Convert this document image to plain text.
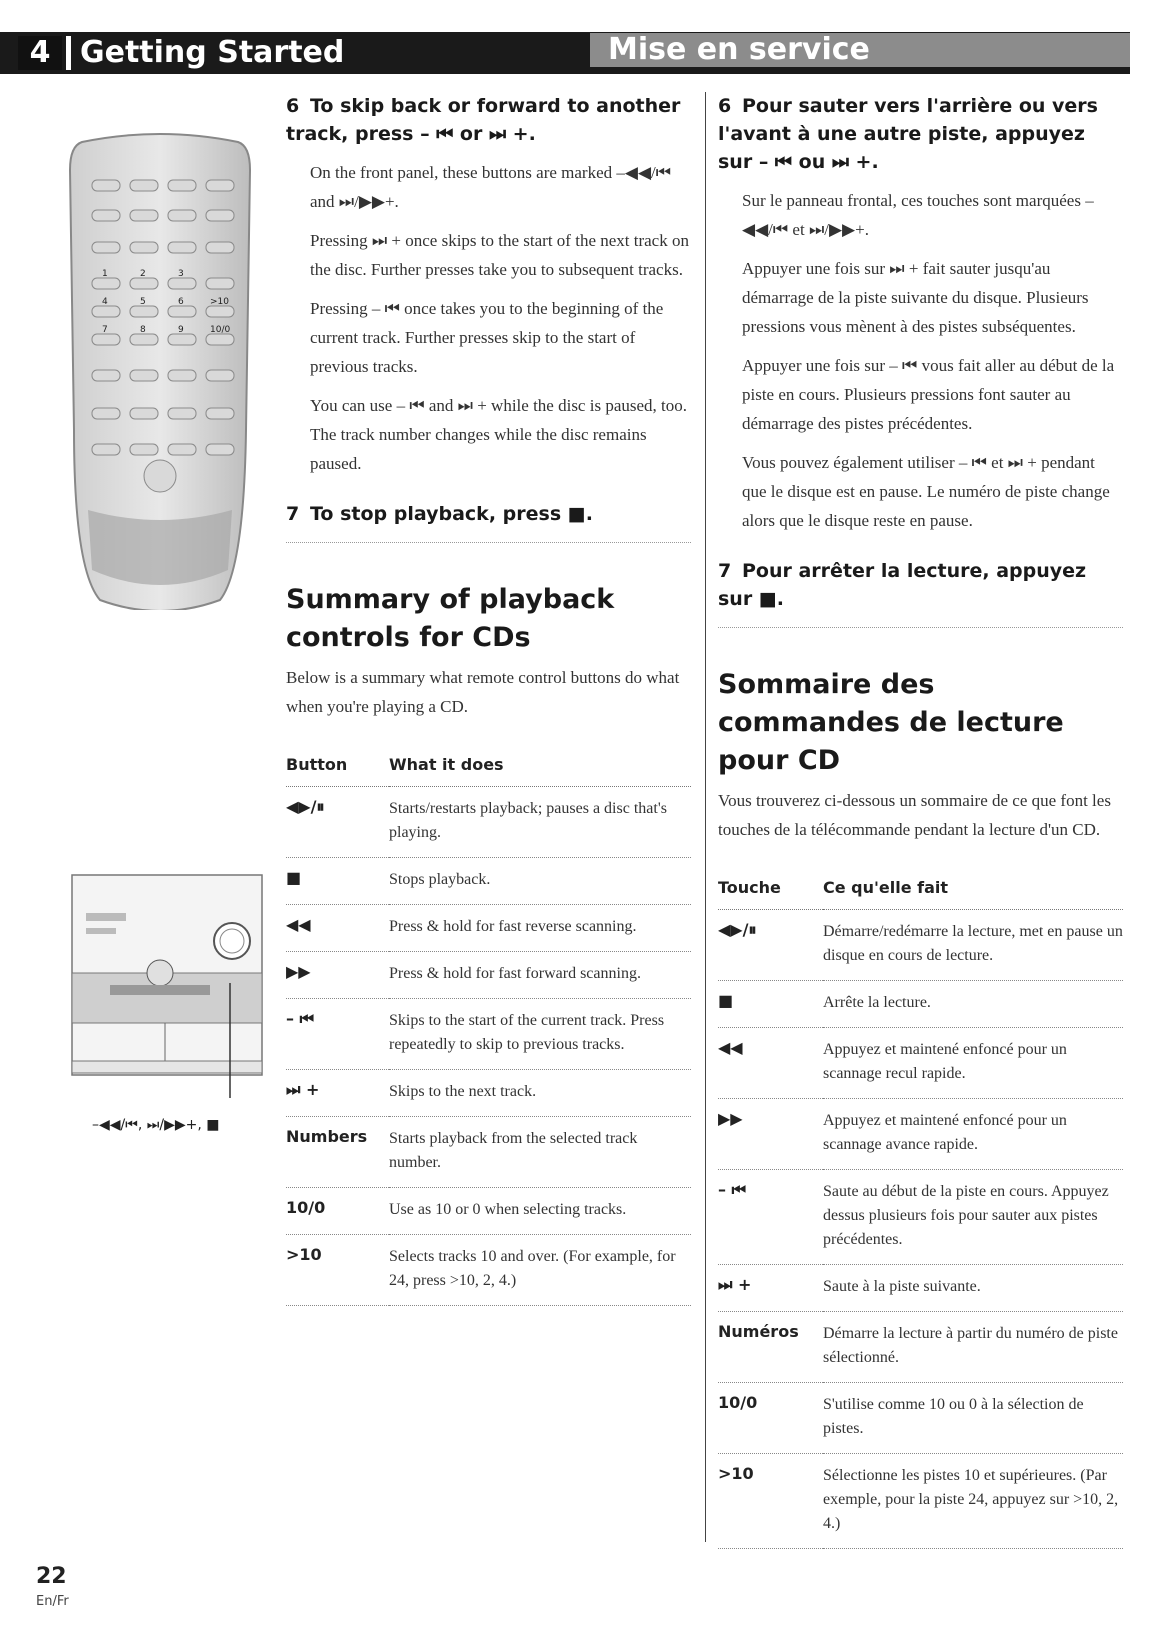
4 Getting Started	Mise en service
1	2	3
4	5	6	>10
7	8	9	10/0
–◀◀/⏮, ⏭/▶▶+, ■

6 To skip back or forward to another track, press – ⏮ or ⏭ +.

On the front panel, these buttons are marked –◀◀/⏮ and ⏭/▶▶+.

Pressing ⏭ + once skips to the start of the next track on the disc. Further presses take you to subsequent tracks.

Pressing – ⏮ once takes you to the beginning of the current track. Further presses skip to the start of previous tracks.

You can use – ⏮ and ⏭ + while the disc is paused, too. The track number changes while the disc remains paused.

7 To stop playback, press ■.

Summary of playback controls for CDs

Below is a summary what remote control buttons do what when you're playing a CD.

Button	What it does
◀▶/⏸	Starts/restarts playback; pauses a disc that's playing.
■	Stops playback.
◀◀	Press & hold for fast reverse scanning.
▶▶	Press & hold for fast forward scanning.
– ⏮	Skips to the start of the current track. Press repeatedly to skip to previous tracks.
⏭ +	Skips to the next track.
Numbers	Starts playback from the selected track number.
10/0	Use as 10 or 0 when selecting tracks.
>10	Selects tracks 10 and over. (For example, for 24, press >10, 2, 4.)

6 Pour sauter vers l'arrière ou vers l'avant à une autre piste, appuyez sur – ⏮ ou ⏭ +.

Sur le panneau frontal, ces touches sont marquées –◀◀/⏮ et ⏭/▶▶+.

Appuyer une fois sur ⏭ + fait sauter jusqu'au démarrage de la piste suivante du disque. Plusieurs pressions vous mènent à des pistes subséquentes.

Appuyer une fois sur – ⏮ vous fait aller au début de la piste en cours. Plusieurs pressions font sauter au démarrage des pistes précédentes.

Vous pouvez également utiliser – ⏮ et ⏭ + pendant que le disque est en pause. Le numéro de piste change alors que le disque reste en pause.

7 Pour arrêter la lecture, appuyez sur ■.

Sommaire des commandes de lecture pour CD

Vous trouverez ci-dessous un sommaire de ce que font les touches de la télécommande pendant la lecture d'un CD.

Touche	Ce qu'elle fait
◀▶/⏸	Démarre/redémarre la lecture, met en pause un disque en cours de lecture.
■	Arrête la lecture.
◀◀	Appuyez et maintené enfoncé pour un scannage recul rapide.
▶▶	Appuyez et maintené enfoncé pour un scannage avance rapide.
– ⏮	Saute au début de la piste en cours. Appuyez dessus plusieurs fois pour sauter aux pistes précédentes.
⏭ +	Saute à la piste suivante.
Numéros	Démarre la lecture à partir du numéro de piste sélectionné.
10/0	S'utilise comme 10 ou 0 à la sélection de pistes.
>10	Sélectionne les pistes 10 et supérieures. (Par exemple, pour la piste 24, appuyez sur >10, 2, 4.)
22
En/Fr
